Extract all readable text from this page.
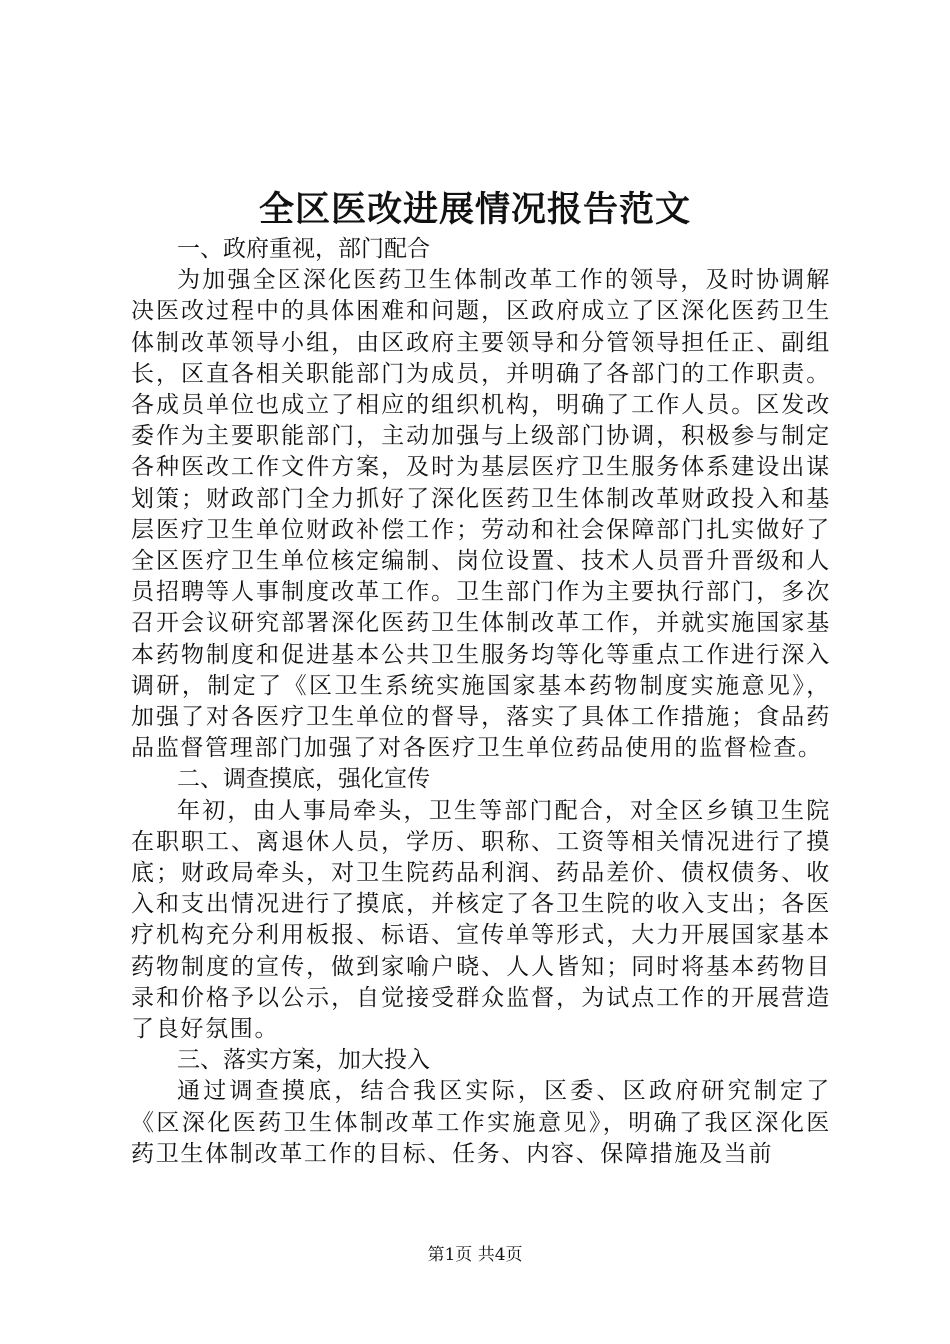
全区医改进展情况报告范文

一、政府重视，部门配合

为加强全区深化医药卫生体制改革工作的领导，及时协调解决医改过程中的具体困难和问题，区政府成立了区深化医药卫生体制改革领导小组，由区政府主要领导和分管领导担任正、副组长，区直各相关职能部门为成员，并明确了各部门的工作职责。各成员单位也成立了相应的组织机构，明确了工作人员。区发改委作为主要职能部门，主动加强与上级部门协调，积极参与制定各种医改工作文件方案，及时为基层医疗卫生服务体系建设出谋划策；财政部门全力抓好了深化医药卫生体制改革财政投入和基层医疗卫生单位财政补偿工作；劳动和社会保障部门扎实做好了全区医疗卫生单位核定编制、岗位设置、技术人员晋升晋级和人员招聘等人事制度改革工作。卫生部门作为主要执行部门，多次召开会议研究部署深化医药卫生体制改革工作，并就实施国家基本药物制度和促进基本公共卫生服务均等化等重点工作进行深入调研，制定了《区卫生系统实施国家基本药物制度实施意见》，加强了对各医疗卫生单位的督导，落实了具体工作措施；食品药品监督管理部门加强了对各医疗卫生单位药品使用的监督检查。

二、调查摸底，强化宣传

年初，由人事局牵头，卫生等部门配合，对全区乡镇卫生院在职职工、离退休人员，学历、职称、工资等相关情况进行了摸底；财政局牵头，对卫生院药品利润、药品差价、债权债务、收入和支出情况进行了摸底，并核定了各卫生院的收入支出；各医疗机构充分利用板报、标语、宣传单等形式，大力开展国家基本药物制度的宣传，做到家喻户晓、人人皆知；同时将基本药物目录和价格予以公示，自觉接受群众监督，为试点工作的开展营造了良好氛围。

三、落实方案，加大投入

通过调查摸底，结合我区实际，区委、区政府研究制定了《区深化医药卫生体制改革工作实施意见》，明确了我区深化医药卫生体制改革工作的目标、任务、内容、保障措施及当前

第1页 共4页
